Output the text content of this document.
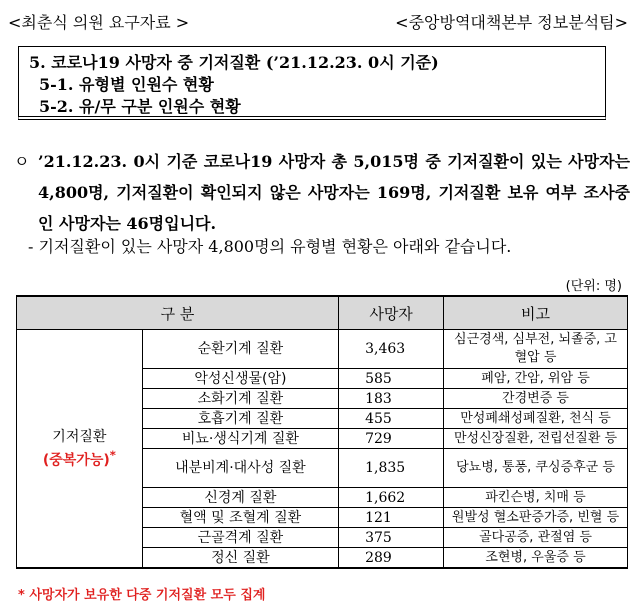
<최춘식 의원 요구자료 >	<중앙방역대책본부 정보분석팀>
5. 코로나19 사망자 중 기저질환 (’21.12.23. 0시 기준)
5-1. 유형별 인원수 현황
5-2. 유/무 구분 인원수 현황
ㅇ ’21.12.23. 0시 기준 코로나19 사망자 총 5,015명 중 기저질환이 있는 사망자는 4,800명, 기저질환이 확인되지 않은 사망자는 169명, 기저질환 보유 여부 조사중인 사망자는 46명입니다.
- 기저질환이 있는 사망자 4,800명의 유형별 현황은 아래와 같습니다.
(단위: 명)
구 분		사망자	비고

기저질환
(중복가능)*	순환기계 질환	3,463	심근경색, 심부전, 뇌졸중, 고혈압 등
	악성신생물(암)	585	폐암, 간암, 위암 등
	소화기계 질환	183	간경변증 등
	호흡기계 질환	455	만성폐쇄성폐질환, 천식 등
	비뇨·생식기계 질환	729	만성신장질환, 전립선질환 등
	내분비계·대사성 질환	1,835	당뇨병, 통풍, 쿠싱증후군 등
	신경계 질환	1,662	파킨슨병, 치매 등
	혈액 및 조혈계 질환	121	원발성 혈소판증가증, 빈혈 등
	근골격계 질환	375	골다공증, 관절염 등
	정신 질환	289	조현병, 우울증 등
* 사망자가 보유한 다중 기저질환 모두 집계
